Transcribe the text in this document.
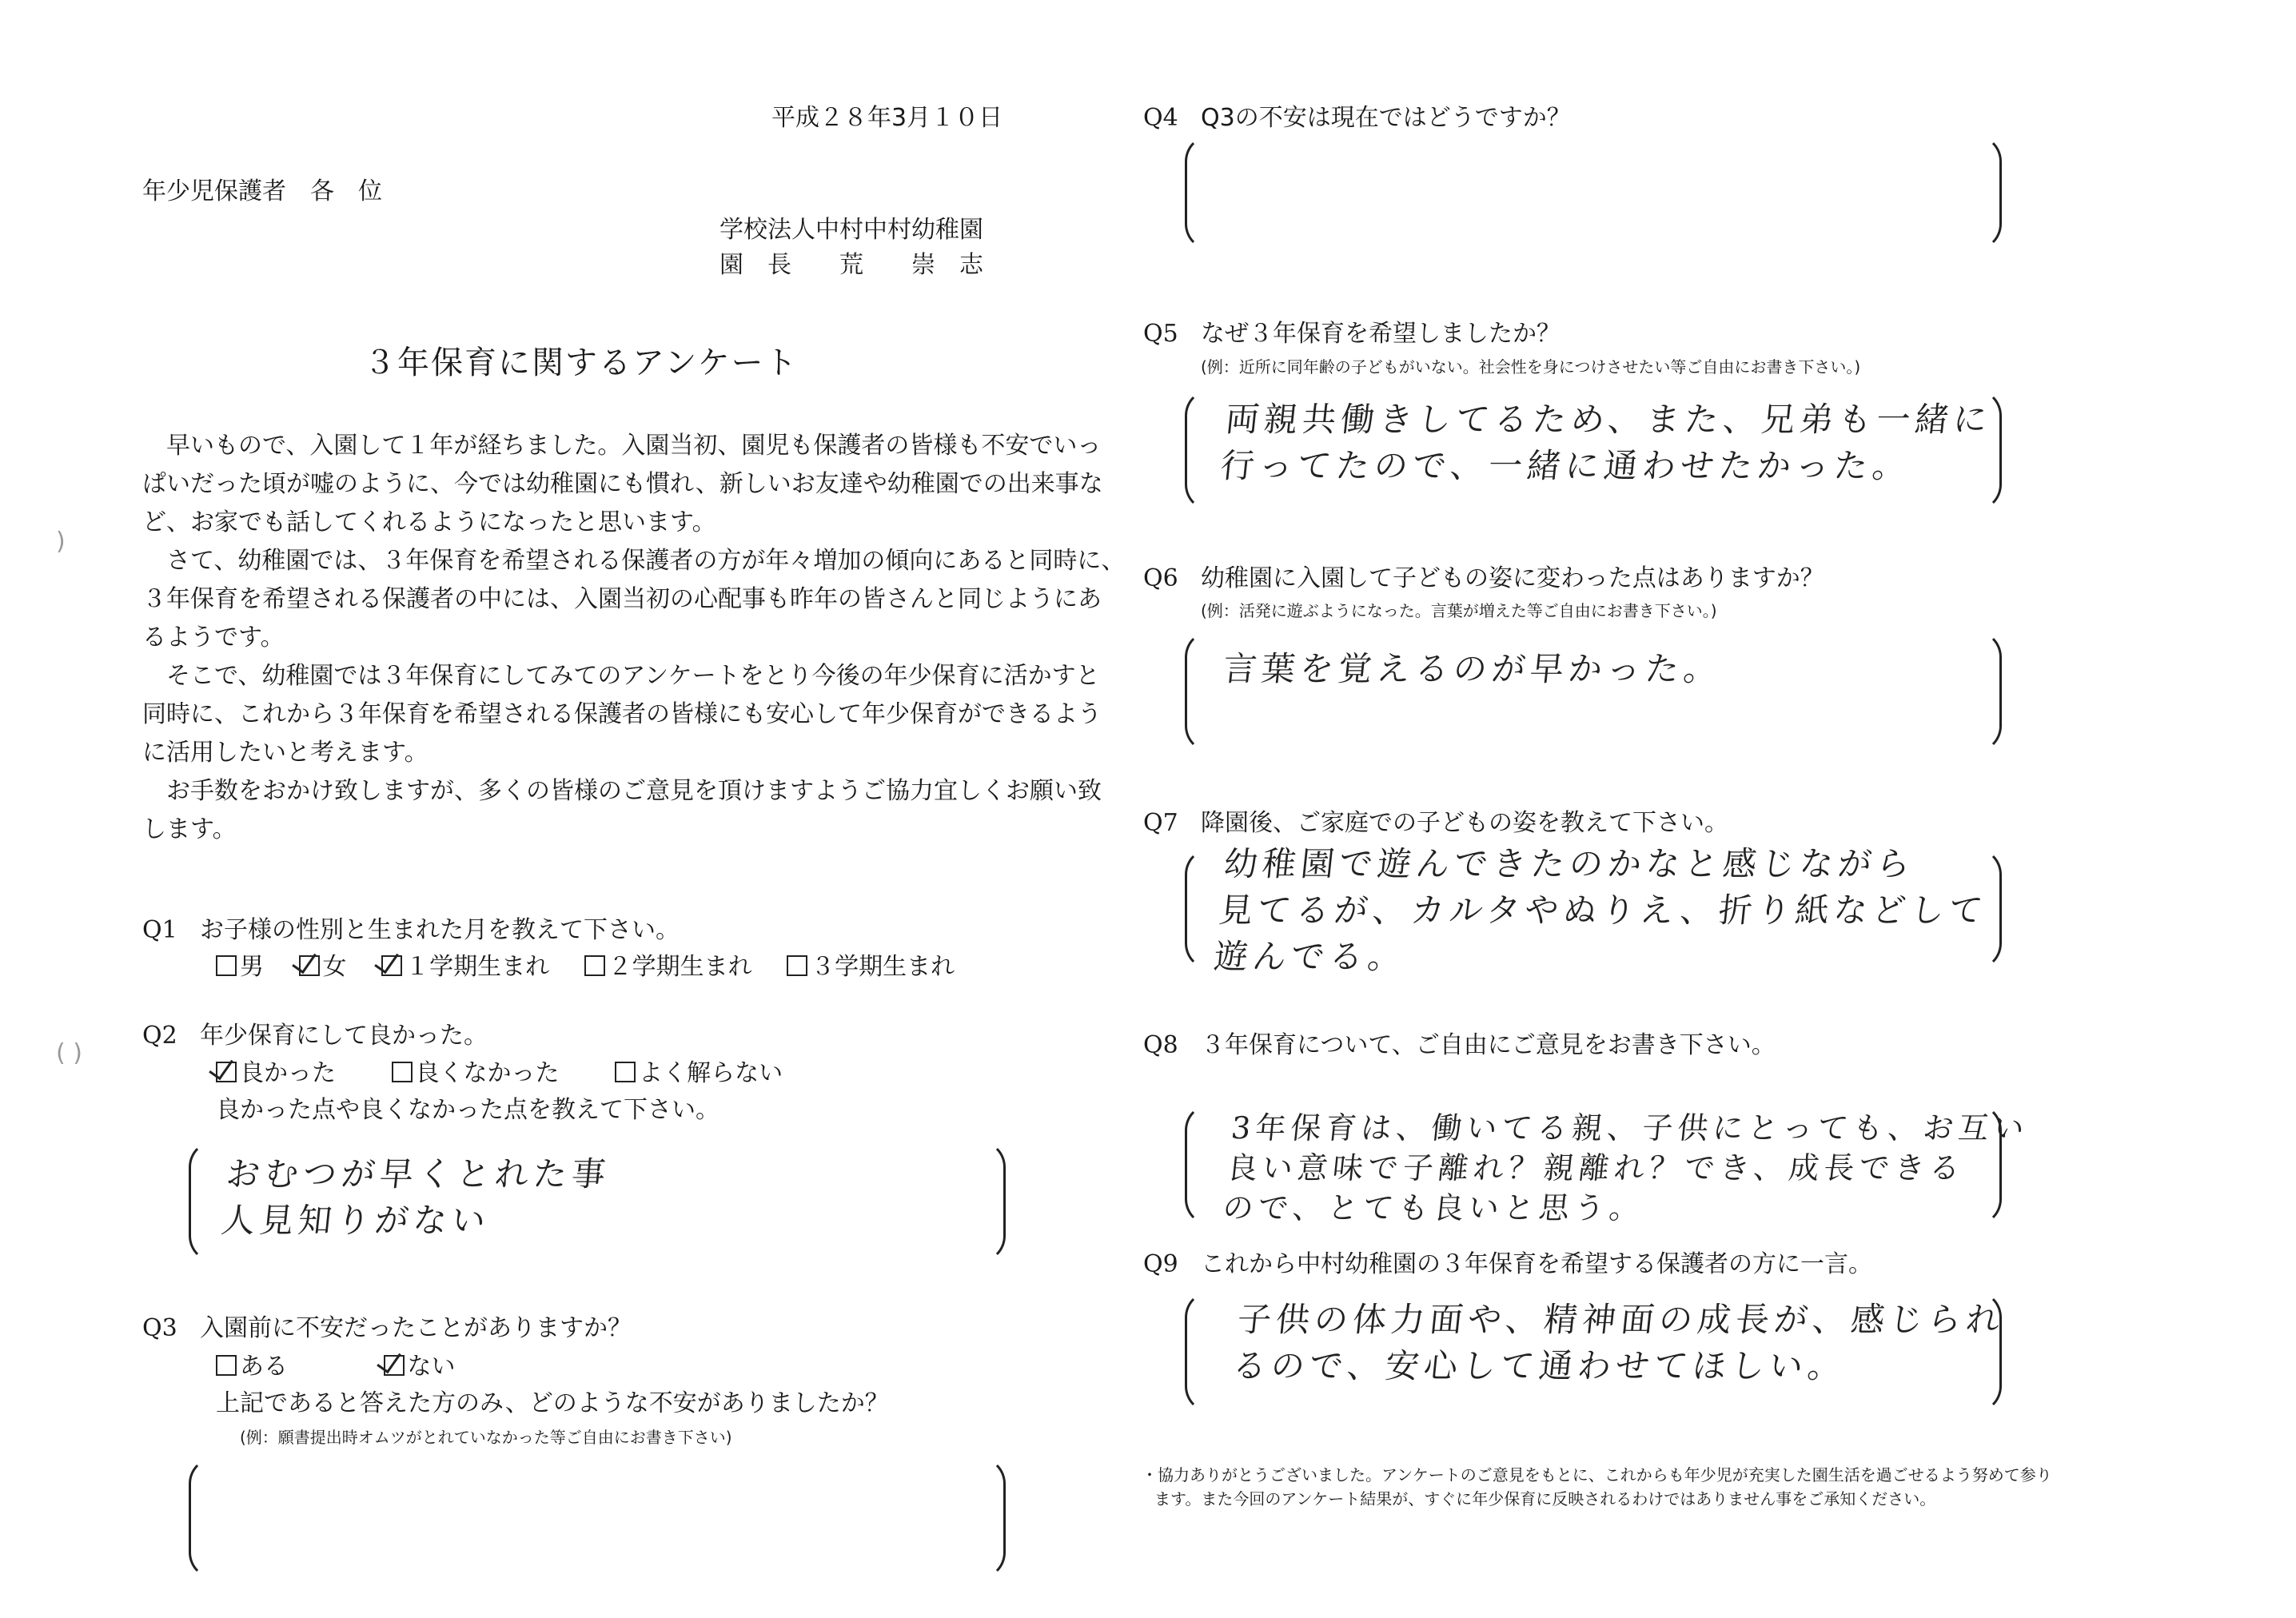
平成２８年3月１０日
年少児保護者　各　位
学校法人中村中村幼稚園
園　長　　荒　　崇　志
３年保育に関するアンケート
早いもので、入園して１年が経ちました。入園当初、園児も保護者の皆様も不安でいっ
ぱいだった頃が嘘のように、今では幼稚園にも慣れ、新しいお友達や幼稚園での出来事な
ど、お家でも話してくれるようになったと思います。
さて、幼稚園では、３年保育を希望される保護者の方が年々増加の傾向にあると同時に、
３年保育を希望される保護者の中には、入園当初の心配事も昨年の皆さんと同じようにあ
るようです。
そこで、幼稚園では３年保育にしてみてのアンケートをとり今後の年少保育に活かすと
同時に、これから３年保育を希望される保護者の皆様にも安心して年少保育ができるよう
に活用したいと考えます。
お手数をおかけ致しますが、多くの皆様のご意見を頂けますようご協力宜しくお願い致
します。
)
( )
Q1 お子様の性別と生まれた月を教えて下さい。
男 女 １学期生まれ ２学期生まれ ３学期生まれ
Q2 年少保育にして良かった。
良かった	良くなかった	よく解らない
良かった点や良くなかった点を教えて下さい。
おむつが早くとれた事
人見知りがない
Q3 入園前に不安だったことがありますか？
ある	ない
上記であると答えた方のみ、どのような不安がありましたか？
(例：願書提出時オムツがとれていなかった等ご自由にお書き下さい)
Q4 Q3の不安は現在ではどうですか？
Q5 なぜ３年保育を希望しましたか？
(例：近所に同年齢の子どもがいない。社会性を身につけさせたい等ご自由にお書き下さい。)
両親共働きしてるため、また、兄弟も一緒に
行ってたので、一緒に通わせたかった。
Q6 幼稚園に入園して子どもの姿に変わった点はありますか？
(例：活発に遊ぶようになった。言葉が増えた等ご自由にお書き下さい。)
言葉を覚えるのが早かった。
Q7 降園後、ご家庭での子どもの姿を教えて下さい。
幼稚園で遊んできたのかなと感じながら
見てるが、カルタやぬりえ、折り紙などして
遊んでる。
Q8 ３年保育について、ご自由にご意見をお書き下さい。
3年保育は、働いてる親、子供にとっても、お互い
良い意味で子離れ？親離れ？でき、成長できる
ので、とても良いと思う。
Q9 これから中村幼稚園の３年保育を希望する保護者の方に一言。
子供の体力面や、精神面の成長が、感じられ
るので、安心して通わせてほしい。
・協力ありがとうございました。アンケートのご意見をもとに、これからも年少児が充実した園生活を過ごせるよう努めて参り
ます。また今回のアンケート結果が、すぐに年少保育に反映されるわけではありません事をご承知ください。
